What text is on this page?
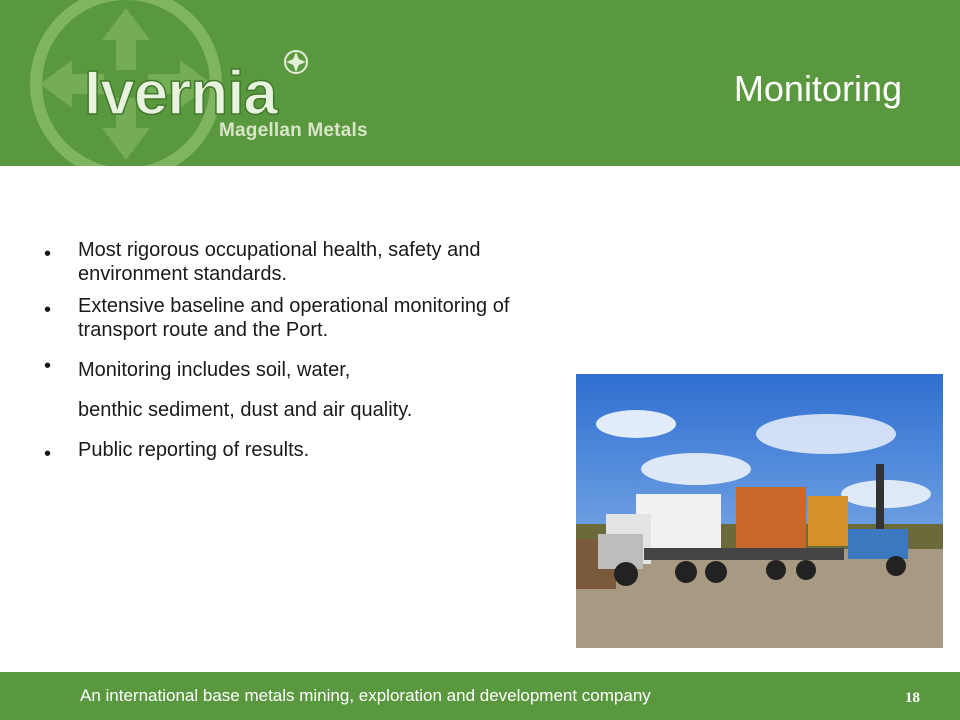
Ivernia
Magellan Metals
Monitoring
• Most rigorous occupational health, safety and
environment standards.
• Extensive baseline and operational monitoring of
transport route and the Port.
• Monitoring includes soil, water,
benthic sediment, dust and air quality.
• Public reporting of results.
An international base metals mining, exploration and development company	18
